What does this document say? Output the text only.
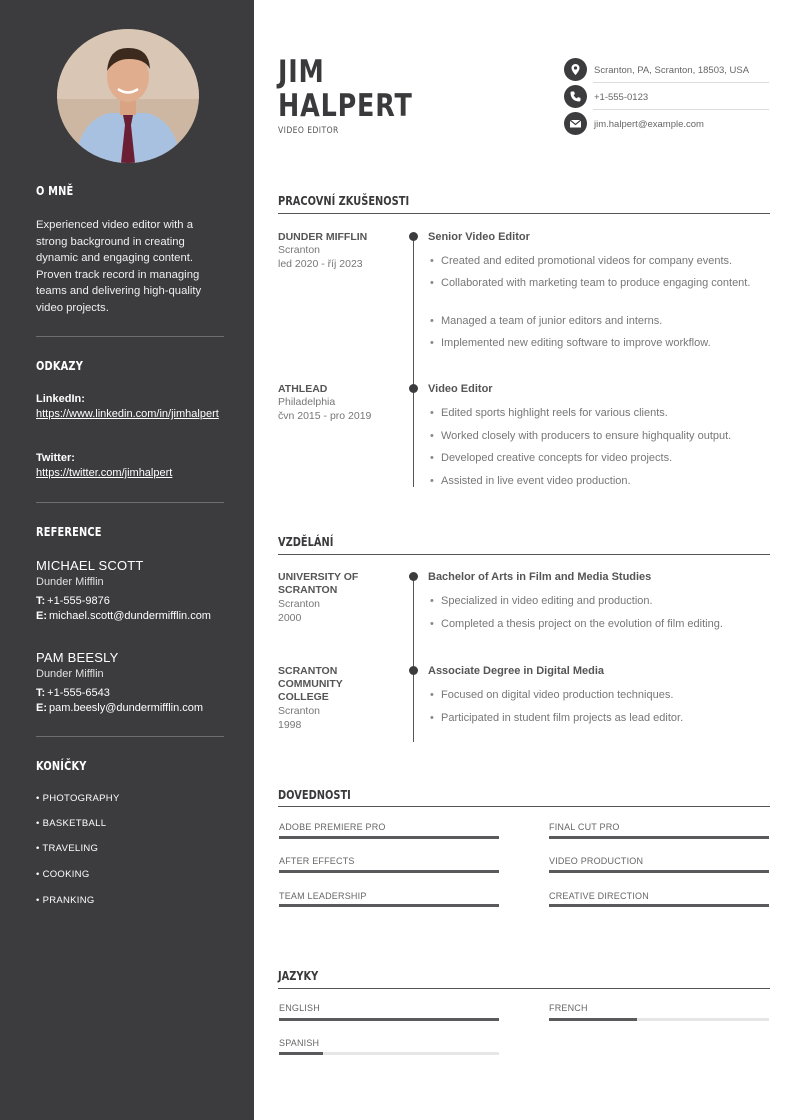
O MNĚ
Experienced video editor with a strong background in creating dynamic and engaging content. Proven track record in managing teams and delivering high-quality video projects.
ODKAZY
LinkedIn:
https://www.linkedin.com/in/jimhalpert
Twitter:
https://twitter.com/jimhalpert
REFERENCE
MICHAEL SCOTT
Dunder Mifflin
T: +1-555-9876
E: michael.scott@dundermifflin.com
PAM BEESLY
Dunder Mifflin
T: +1-555-6543
E: pam.beesly@dundermifflin.com
KONÍČKY
• PHOTOGRAPHY
• BASKETBALL
• TRAVELING
• COOKING
• PRANKING
JIM
HALPERT
VIDEO EDITOR
Scranton, PA, Scranton, 18503, USA
+1-555-0123
jim.halpert@example.com
PRACOVNÍ ZKUŠENOSTI
DUNDER MIFFLIN
Scranton
led 2020 - říj 2023
Senior Video Editor
• Created and edited promotional videos for company events.
• Collaborated with marketing team to produce engaging content.
• Managed a team of junior editors and interns.
• Implemented new editing software to improve workflow.
ATHLEAD
Philadelphia
čvn 2015 - pro 2019
Video Editor
• Edited sports highlight reels for various clients.
• Worked closely with producers to ensure highquality output.
• Developed creative concepts for video projects.
• Assisted in live event video production.
VZDĚLÁNÍ
UNIVERSITY OF SCRANTON
Scranton
2000
Bachelor of Arts in Film and Media Studies
• Specialized in video editing and production.
• Completed a thesis project on the evolution of film editing.
SCRANTON COMMUNITY COLLEGE
Scranton
1998
Associate Degree in Digital Media
• Focused on digital video production techniques.
• Participated in student film projects as lead editor.
DOVEDNOSTI
ADOBE PREMIERE PRO	FINAL CUT PRO
AFTER EFFECTS	VIDEO PRODUCTION
TEAM LEADERSHIP	CREATIVE DIRECTION
JAZYKY
ENGLISH	FRENCH
SPANISH
